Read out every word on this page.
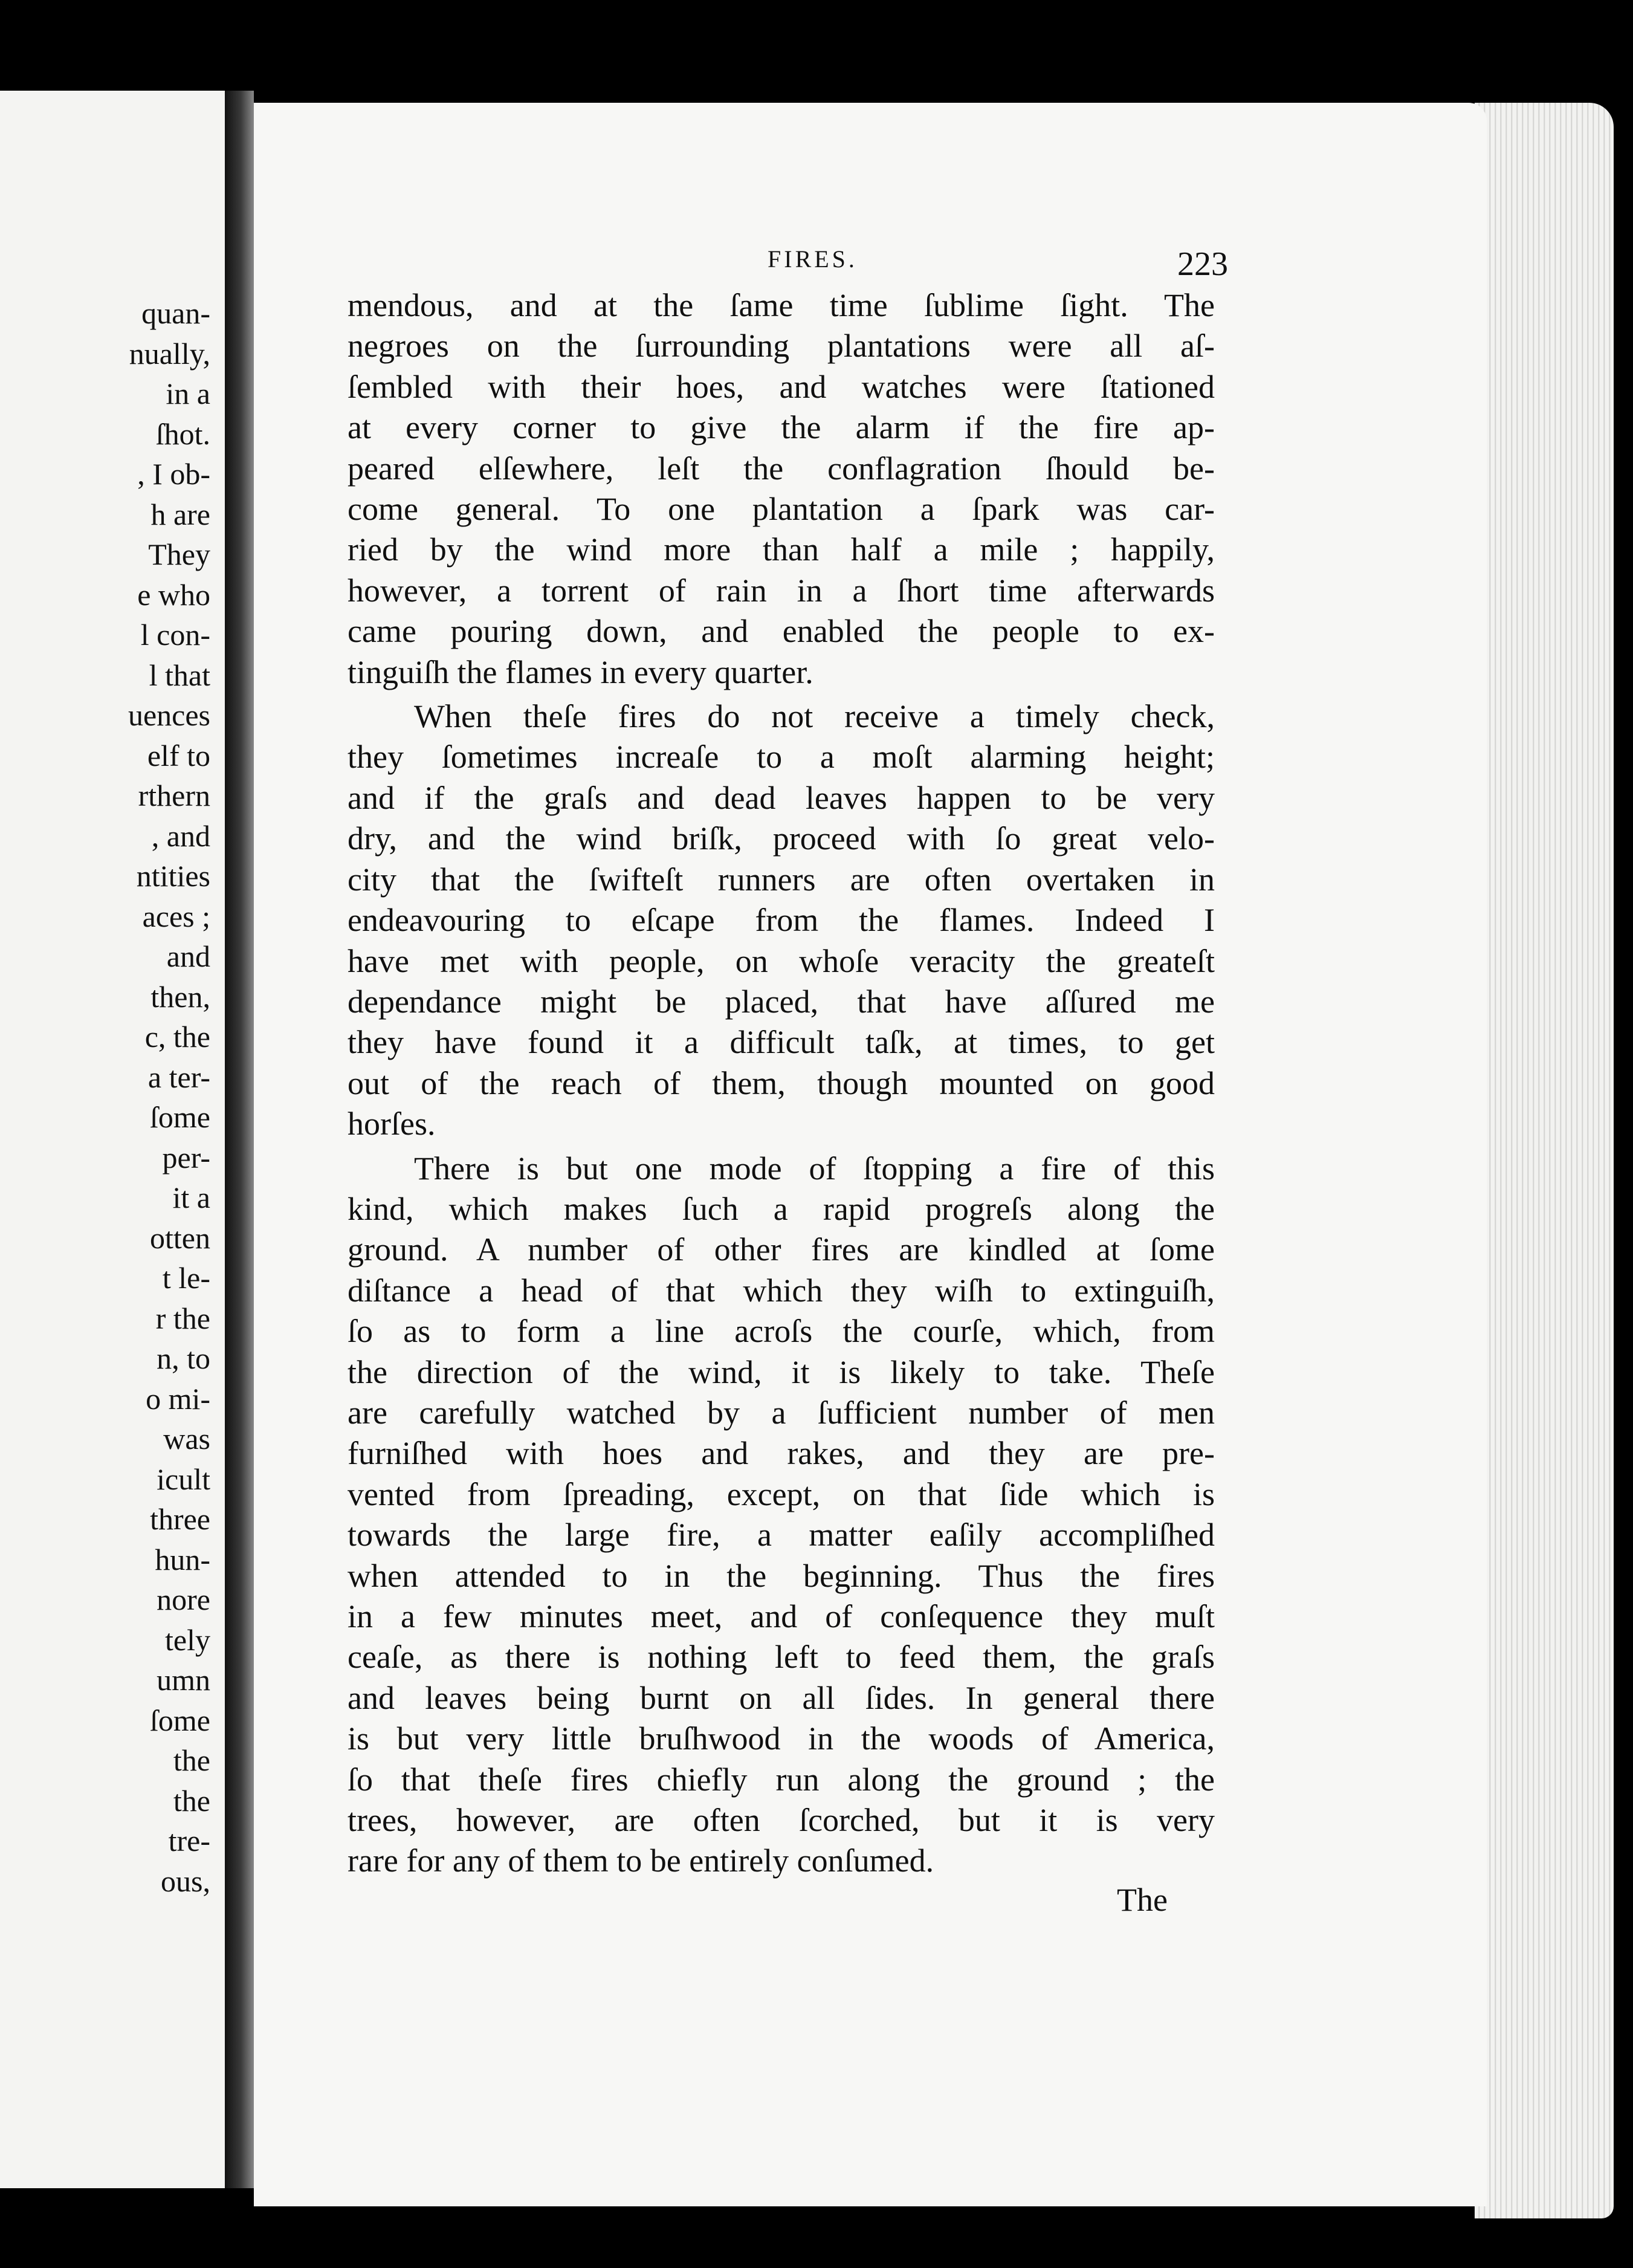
quan-
nually,
in a
ſhot.
, I ob-
h are
They
e who
l con-
l that
uences
elf to
rthern
, and
ntities
aces ;
and
then,
c, the
a ter-
ſome
per-
it a
otten
t le-
r the
n, to
o mi-
was
icult
three
hun-
nore
tely
umn
ſome
the
the
tre-
ous,
FIRES.	223
mendous, and at the ſame time ſublime ſight. The
negroes on the ſurrounding plantations were all aſ-
ſembled with their hoes, and watches were ſtationed
at every corner to give the alarm if the fire ap-
peared elſewhere, leſt the conflagration ſhould be-
come general. To one plantation a ſpark was car-
ried by the wind more than half a mile ; happily,
however, a torrent of rain in a ſhort time afterwards
came pouring down, and enabled the people to ex-
tinguiſh the flames in every quarter.
When theſe fires do not receive a timely check,
they ſometimes increaſe to a moſt alarming height;
and if the graſs and dead leaves happen to be very
dry, and the wind briſk, proceed with ſo great velo-
city that the ſwifteſt runners are often overtaken in
endeavouring to eſcape from the flames. Indeed I
have met with people, on whoſe veracity the greateſt
dependance might be placed, that have aſſured me
they have found it a difficult taſk, at times, to get
out of the reach of them, though mounted on good
horſes.
There is but one mode of ſtopping a fire of this
kind, which makes ſuch a rapid progreſs along the
ground. A number of other fires are kindled at ſome
diſtance a head of that which they wiſh to extinguiſh,
ſo as to form a line acroſs the courſe, which, from
the direction of the wind, it is likely to take. Theſe
are carefully watched by a ſufficient number of men
furniſhed with hoes and rakes, and they are pre-
vented from ſpreading, except, on that ſide which is
towards the large fire, a matter eaſily accompliſhed
when attended to in the beginning. Thus the fires
in a few minutes meet, and of conſequence they muſt
ceaſe, as there is nothing left to feed them, the graſs
and leaves being burnt on all ſides. In general there
is but very little bruſhwood in the woods of America,
ſo that theſe fires chiefly run along the ground ; the
trees, however, are often ſcorched, but it is very
rare for any of them to be entirely conſumed.
The
